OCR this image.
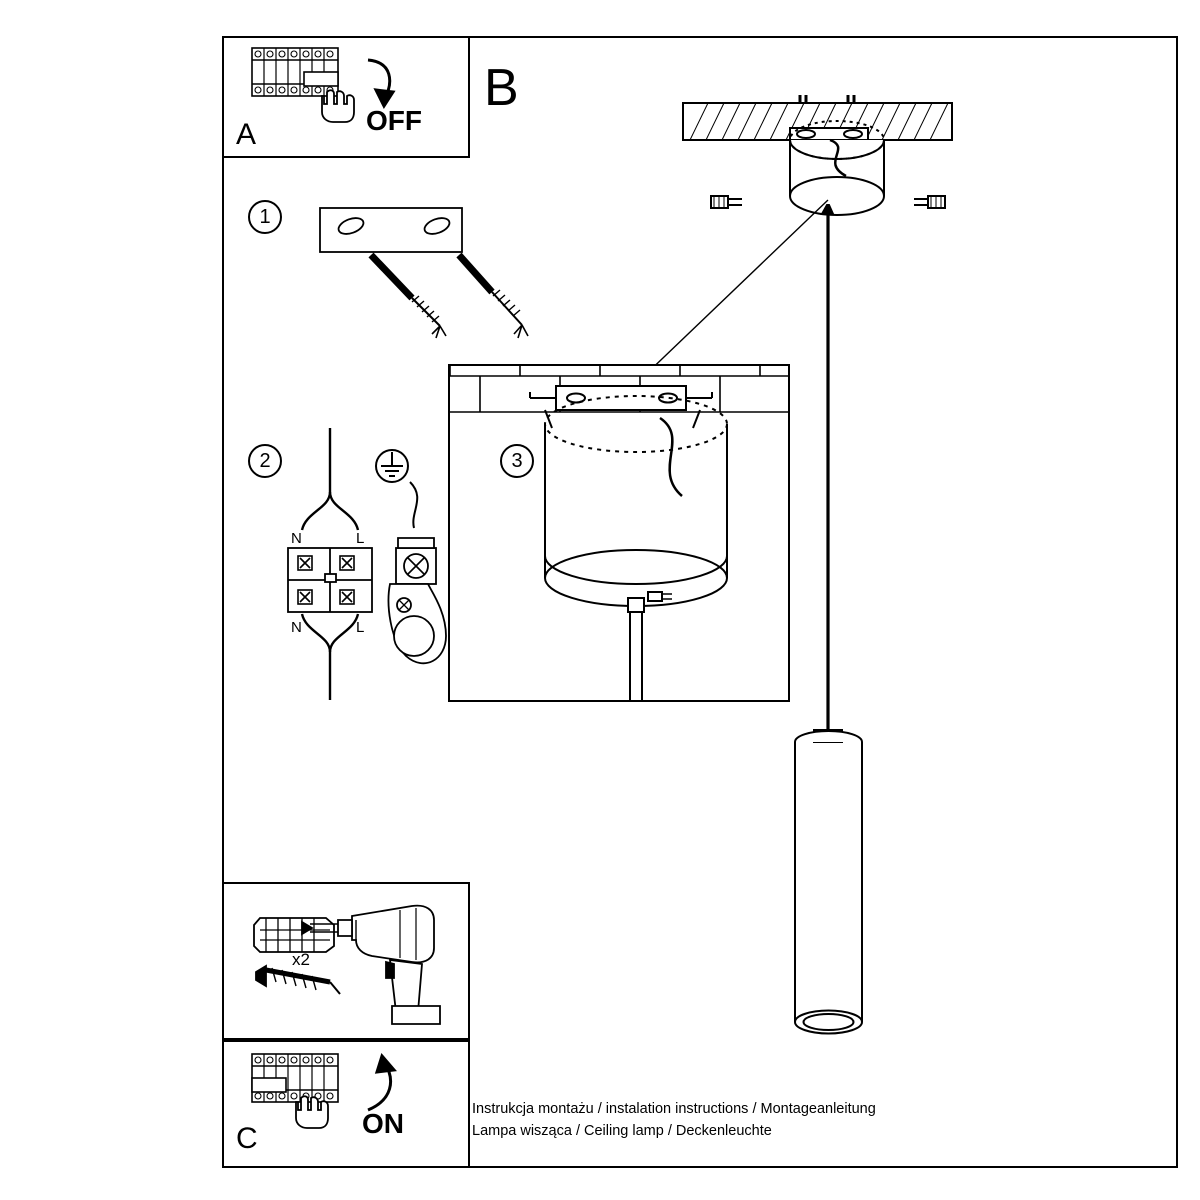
A	OFF
B
1
2
N	L
N	L
3
x2
C	ON	Instrukcja montażu / instalation instructions / Montageanleitung
Lampa wisząca / Ceiling lamp / Deckenleuchte
